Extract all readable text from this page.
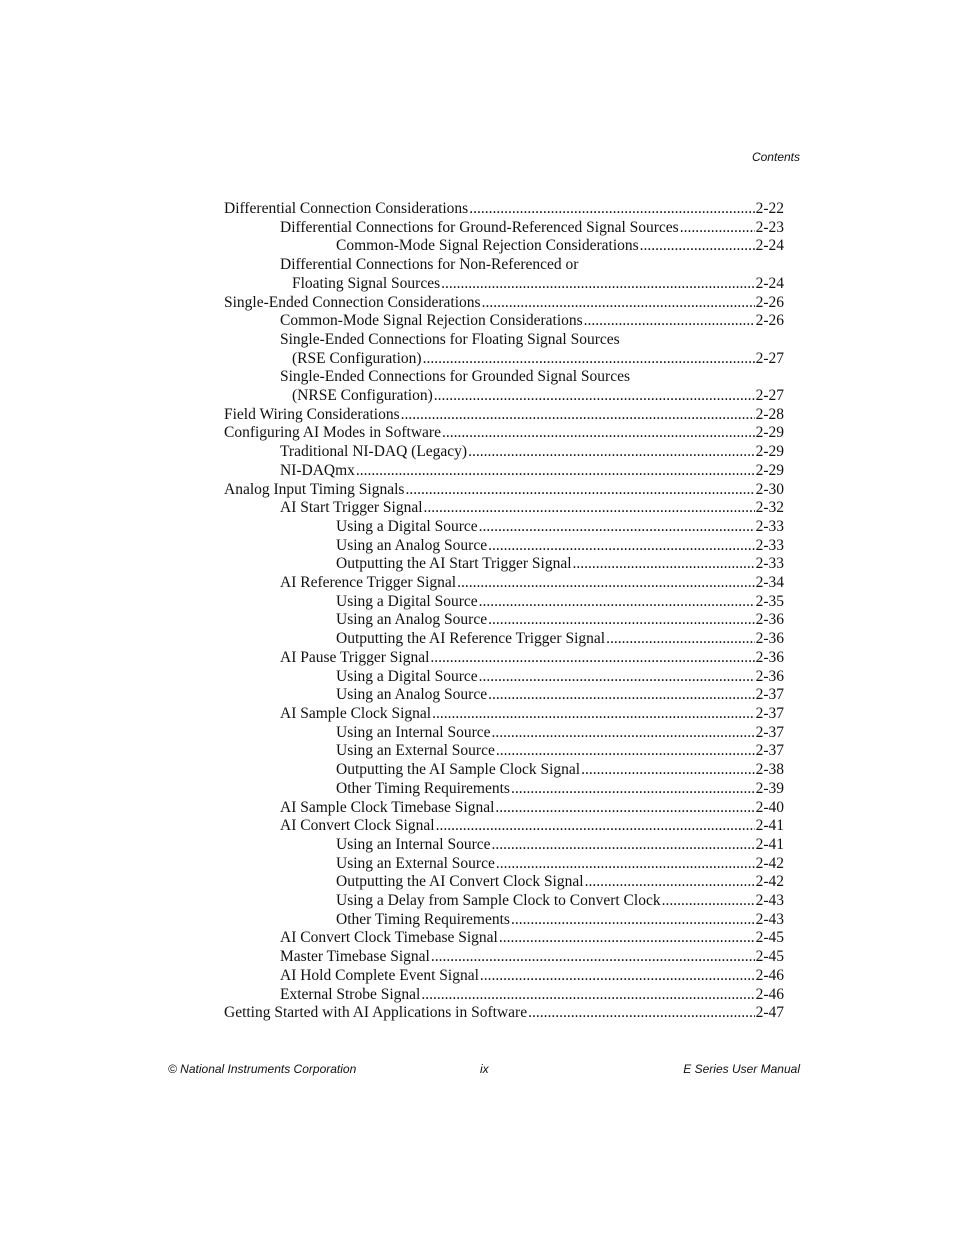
Contents
Differential Connection Considerations .....	2-22
Differential Connections for Ground-Referenced Signal Sources .....	2-23
Common-Mode Signal Rejection Considerations .....	2-24
Differential Connections for Non-Referenced or
Floating Signal Sources .....	2-24
Single-Ended Connection Considerations .....	2-26
Common-Mode Signal Rejection Considerations .....	2-26
Single-Ended Connections for Floating Signal Sources
(RSE Configuration) .....	2-27
Single-Ended Connections for Grounded Signal Sources
(NRSE Configuration) .....	2-27
Field Wiring Considerations .....	2-28
Configuring AI Modes in Software .....	2-29
Traditional NI-DAQ (Legacy) .....	2-29
NI-DAQmx .....	2-29
Analog Input Timing Signals .....	2-30
AI Start Trigger Signal .....	2-32
Using a Digital Source .....	2-33
Using an Analog Source .....	2-33
Outputting the AI Start Trigger Signal .....	2-33
AI Reference Trigger Signal .....	2-34
Using a Digital Source .....	2-35
Using an Analog Source .....	2-36
Outputting the AI Reference Trigger Signal .....	2-36
AI Pause Trigger Signal .....	2-36
Using a Digital Source .....	2-36
Using an Analog Source .....	2-37
AI Sample Clock Signal .....	2-37
Using an Internal Source .....	2-37
Using an External Source .....	2-37
Outputting the AI Sample Clock Signal .....	2-38
Other Timing Requirements .....	2-39
AI Sample Clock Timebase Signal .....	2-40
AI Convert Clock Signal .....	2-41
Using an Internal Source .....	2-41
Using an External Source .....	2-42
Outputting the AI Convert Clock Signal .....	2-42
Using a Delay from Sample Clock to Convert Clock .....	2-43
Other Timing Requirements .....	2-43
AI Convert Clock Timebase Signal .....	2-45
Master Timebase Signal .....	2-45
AI Hold Complete Event Signal .....	2-46
External Strobe Signal .....	2-46
Getting Started with AI Applications in Software .....	2-47
© National Instruments Corporation	ix	E Series User Manual
